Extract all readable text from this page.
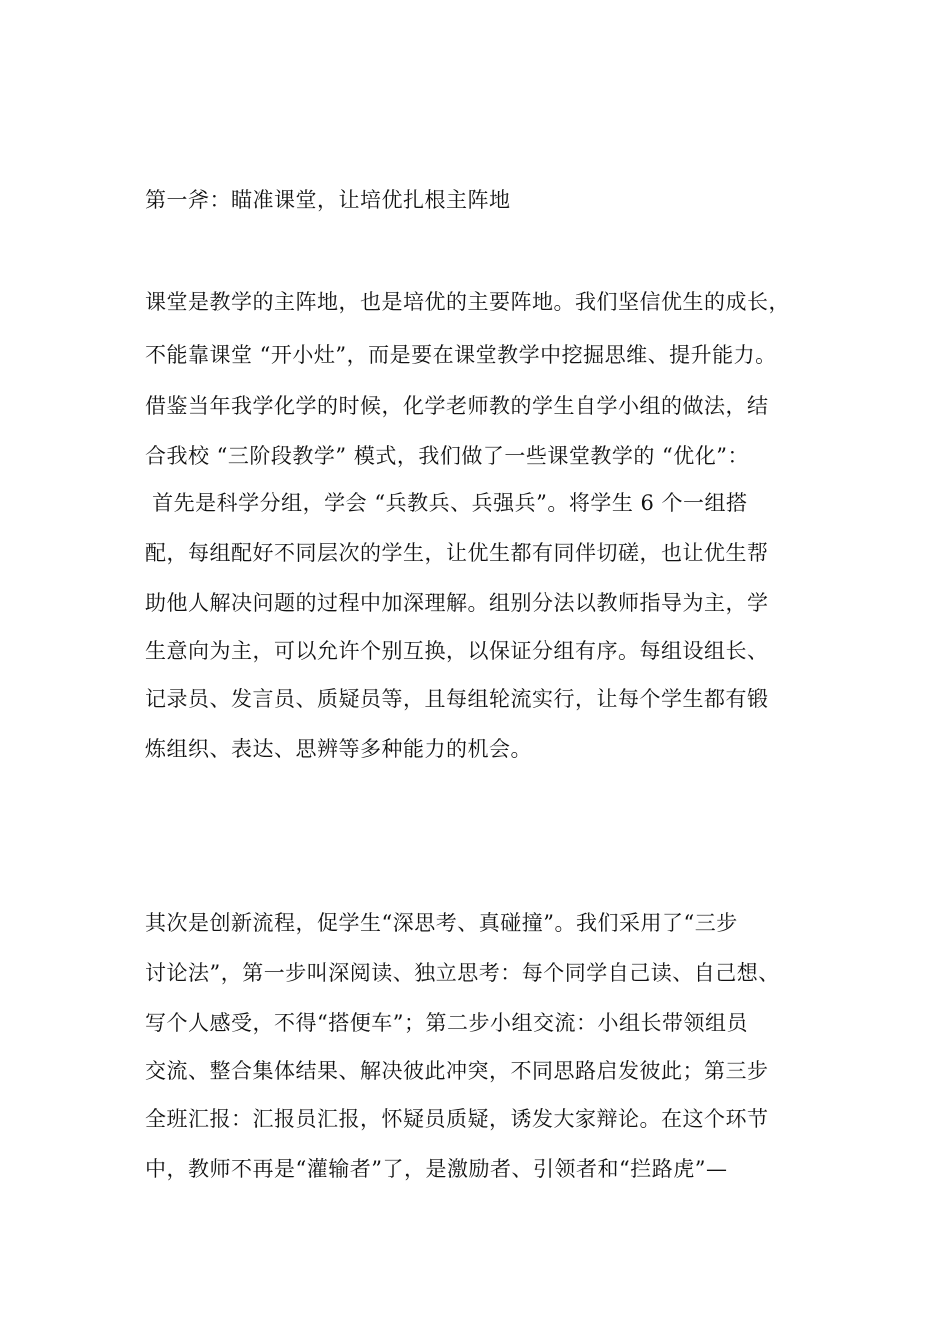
第一斧：瞄准课堂，让培优扎根主阵地
课堂是教学的主阵地，也是培优的主要阵地。我们坚信优生的成长，
不能靠课堂 “开小灶”，而是要在课堂教学中挖掘思维、提升能力。
借鉴当年我学化学的时候，化学老师教的学生自学小组的做法，结
合我校 “三阶段教学” 模式，我们做了一些课堂教学的 “优化”：
首先是科学分组，学会 “兵教兵、兵强兵”。将学生 6 个一组搭
配，每组配好不同层次的学生，让优生都有同伴切磋，也让优生帮
助他人解决问题的过程中加深理解。组别分法以教师指导为主，学
生意向为主，可以允许个别互换，以保证分组有序。每组设组长、
记录员、发言员、质疑员等，且每组轮流实行，让每个学生都有锻
炼组织、表达、思辨等多种能力的机会。
其次是创新流程，促学生“深思考、真碰撞”。我们采用了“三步
讨论法”，第一步叫深阅读、独立思考：每个同学自己读、自己想、
写个人感受，不得“搭便车”；第二步小组交流：小组长带领组员
交流、整合集体结果、解决彼此冲突，不同思路启发彼此；第三步
全班汇报：汇报员汇报，怀疑员质疑，诱发大家辩论。在这个环节
中，教师不再是“灌输者”了，是激励者、引领者和“拦路虎”—
